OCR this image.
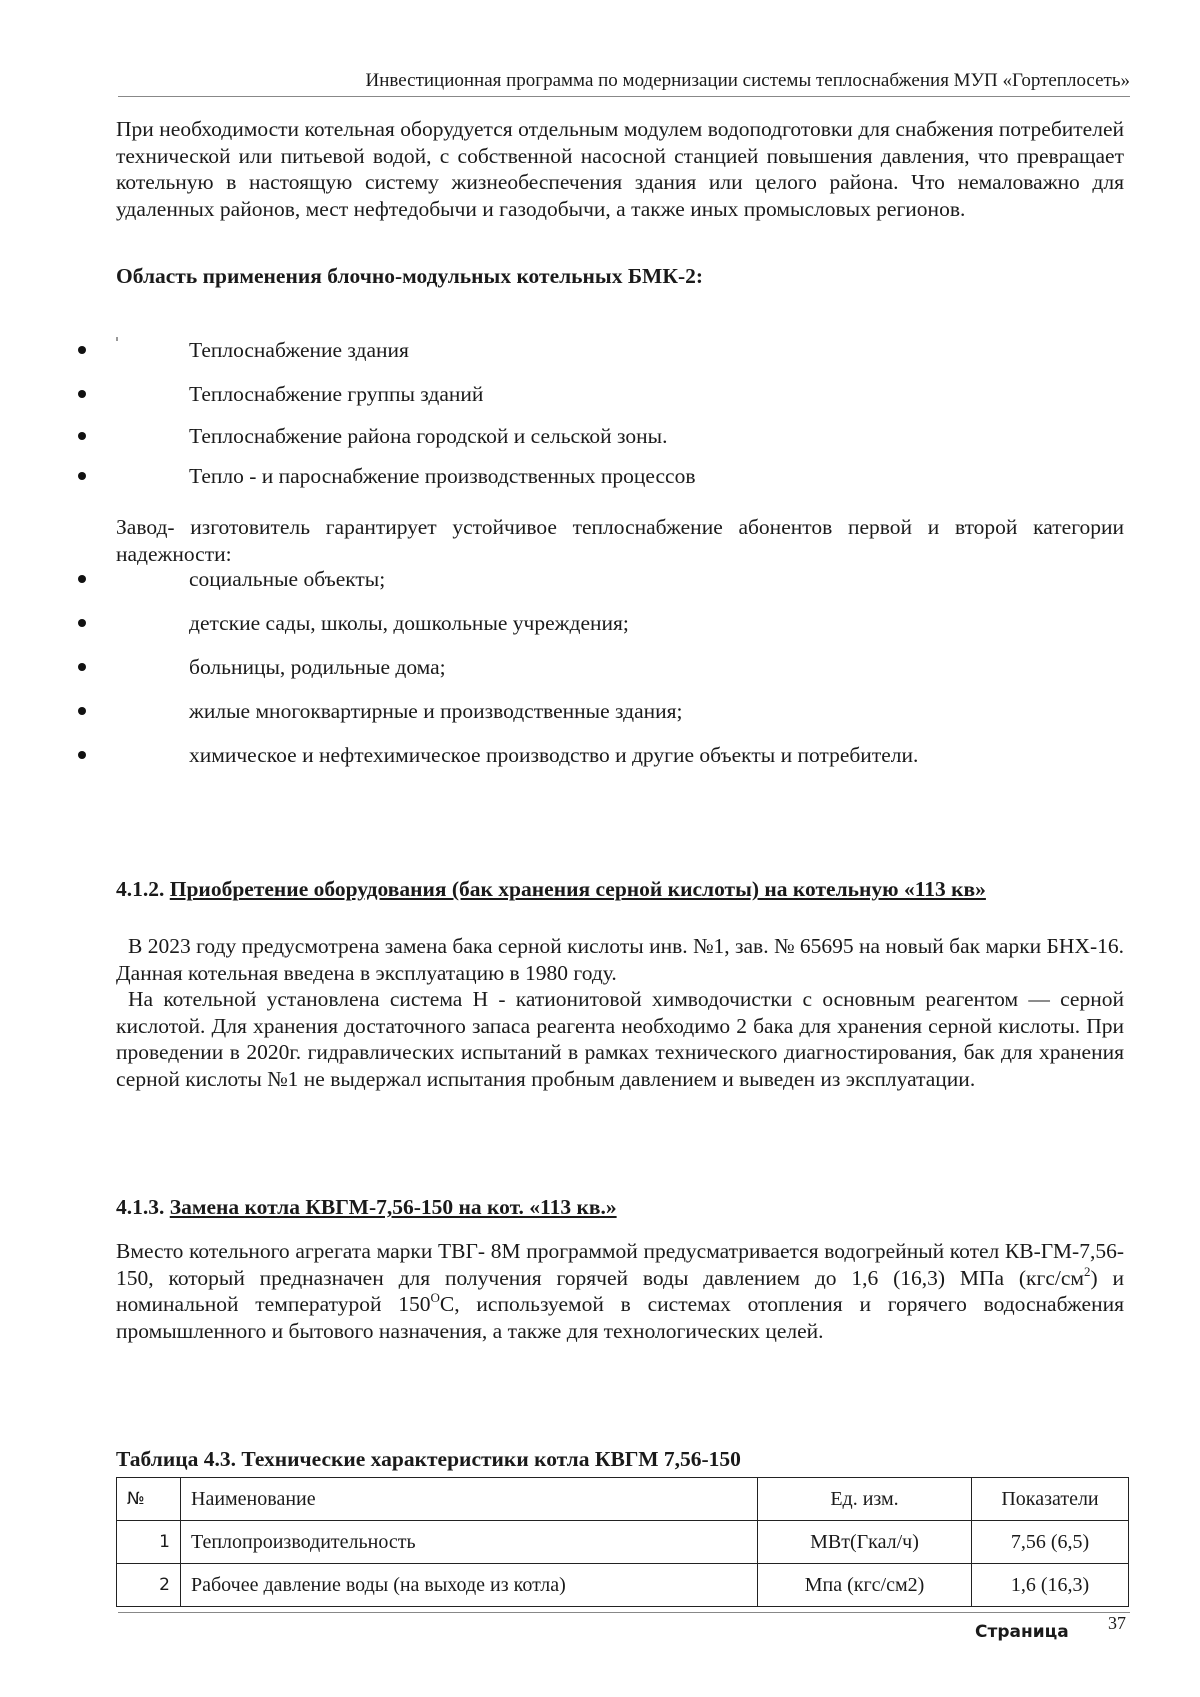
Инвестиционная программа по модернизации системы теплоснабжения МУП «Гортеплосеть»

При необходимости котельная оборудуется отдельным модулем водоподготовки для снабжения потребителей технической или питьевой водой, с собственной насосной станцией повышения давления, что превращает котельную в настоящую систему жизнеобеспечения здания или целого района. Что немаловажно для удаленных районов, мест нефтедобычи и газодобычи, а также иных промысловых регионов.

Область применения блочно-модульных котельных БМК-2:

Теплоснабжение здания
Теплоснабжение группы зданий
Теплоснабжение района городской и сельской зоны.
Тепло - и пароснабжение производственных процессов

Завод- изготовитель гарантирует устойчивое теплоснабжение абонентов первой и второй категории надежности:

социальные объекты;
детские сады, школы, дошкольные учреждения;
больницы, родильные дома;
жилые многоквартирные и производственные здания;
химическое и нефтехимическое производство и другие объекты и потребители.

4.1.2. Приобретение оборудования (бак хранения серной кислоты) на котельную «113 кв»

В 2023 году предусмотрена замена бака серной кислоты инв. №1, зав. № 65695 на новый бак марки БНХ-16. Данная котельная введена в эксплуатацию в 1980 году.

На котельной установлена система Н - катионитовой химводочистки с основным реагентом — серной кислотой. Для хранения достаточного запаса реагента необходимо 2 бака для хранения серной кислоты. При проведении в 2020г. гидравлических испытаний в рамках технического диагностирования, бак для хранения серной кислоты №1 не выдержал испытания пробным давлением и выведен из эксплуатации.

4.1.3. Замена котла КВГМ-7,56-150 на кот. «113 кв.»

Вместо котельного агрегата марки ТВГ- 8М программой предусматривается водогрейный котел КВ-ГМ-7,56-150, который предназначен для получения горячей воды давлением до 1,6 (16,3) МПа $(кгс/см^2)$ и номинальной температурой $150^OС$, используемой в системах отопления и горячего водоснабжения промышленного и бытового назначения, а также для технологических целей.

Таблица 4.3. Технические характеристики котла КВГМ 7,56-150

№	Наименование	Ед. изм.	Показатели
1	Теплопроизводительность	МВт(Гкал/ч)	7,56 (6,5)
2	Рабочее давление воды (на выходе из котла)	Мпа (кгс/см2)	1,6 (16,3)
Страница 37
